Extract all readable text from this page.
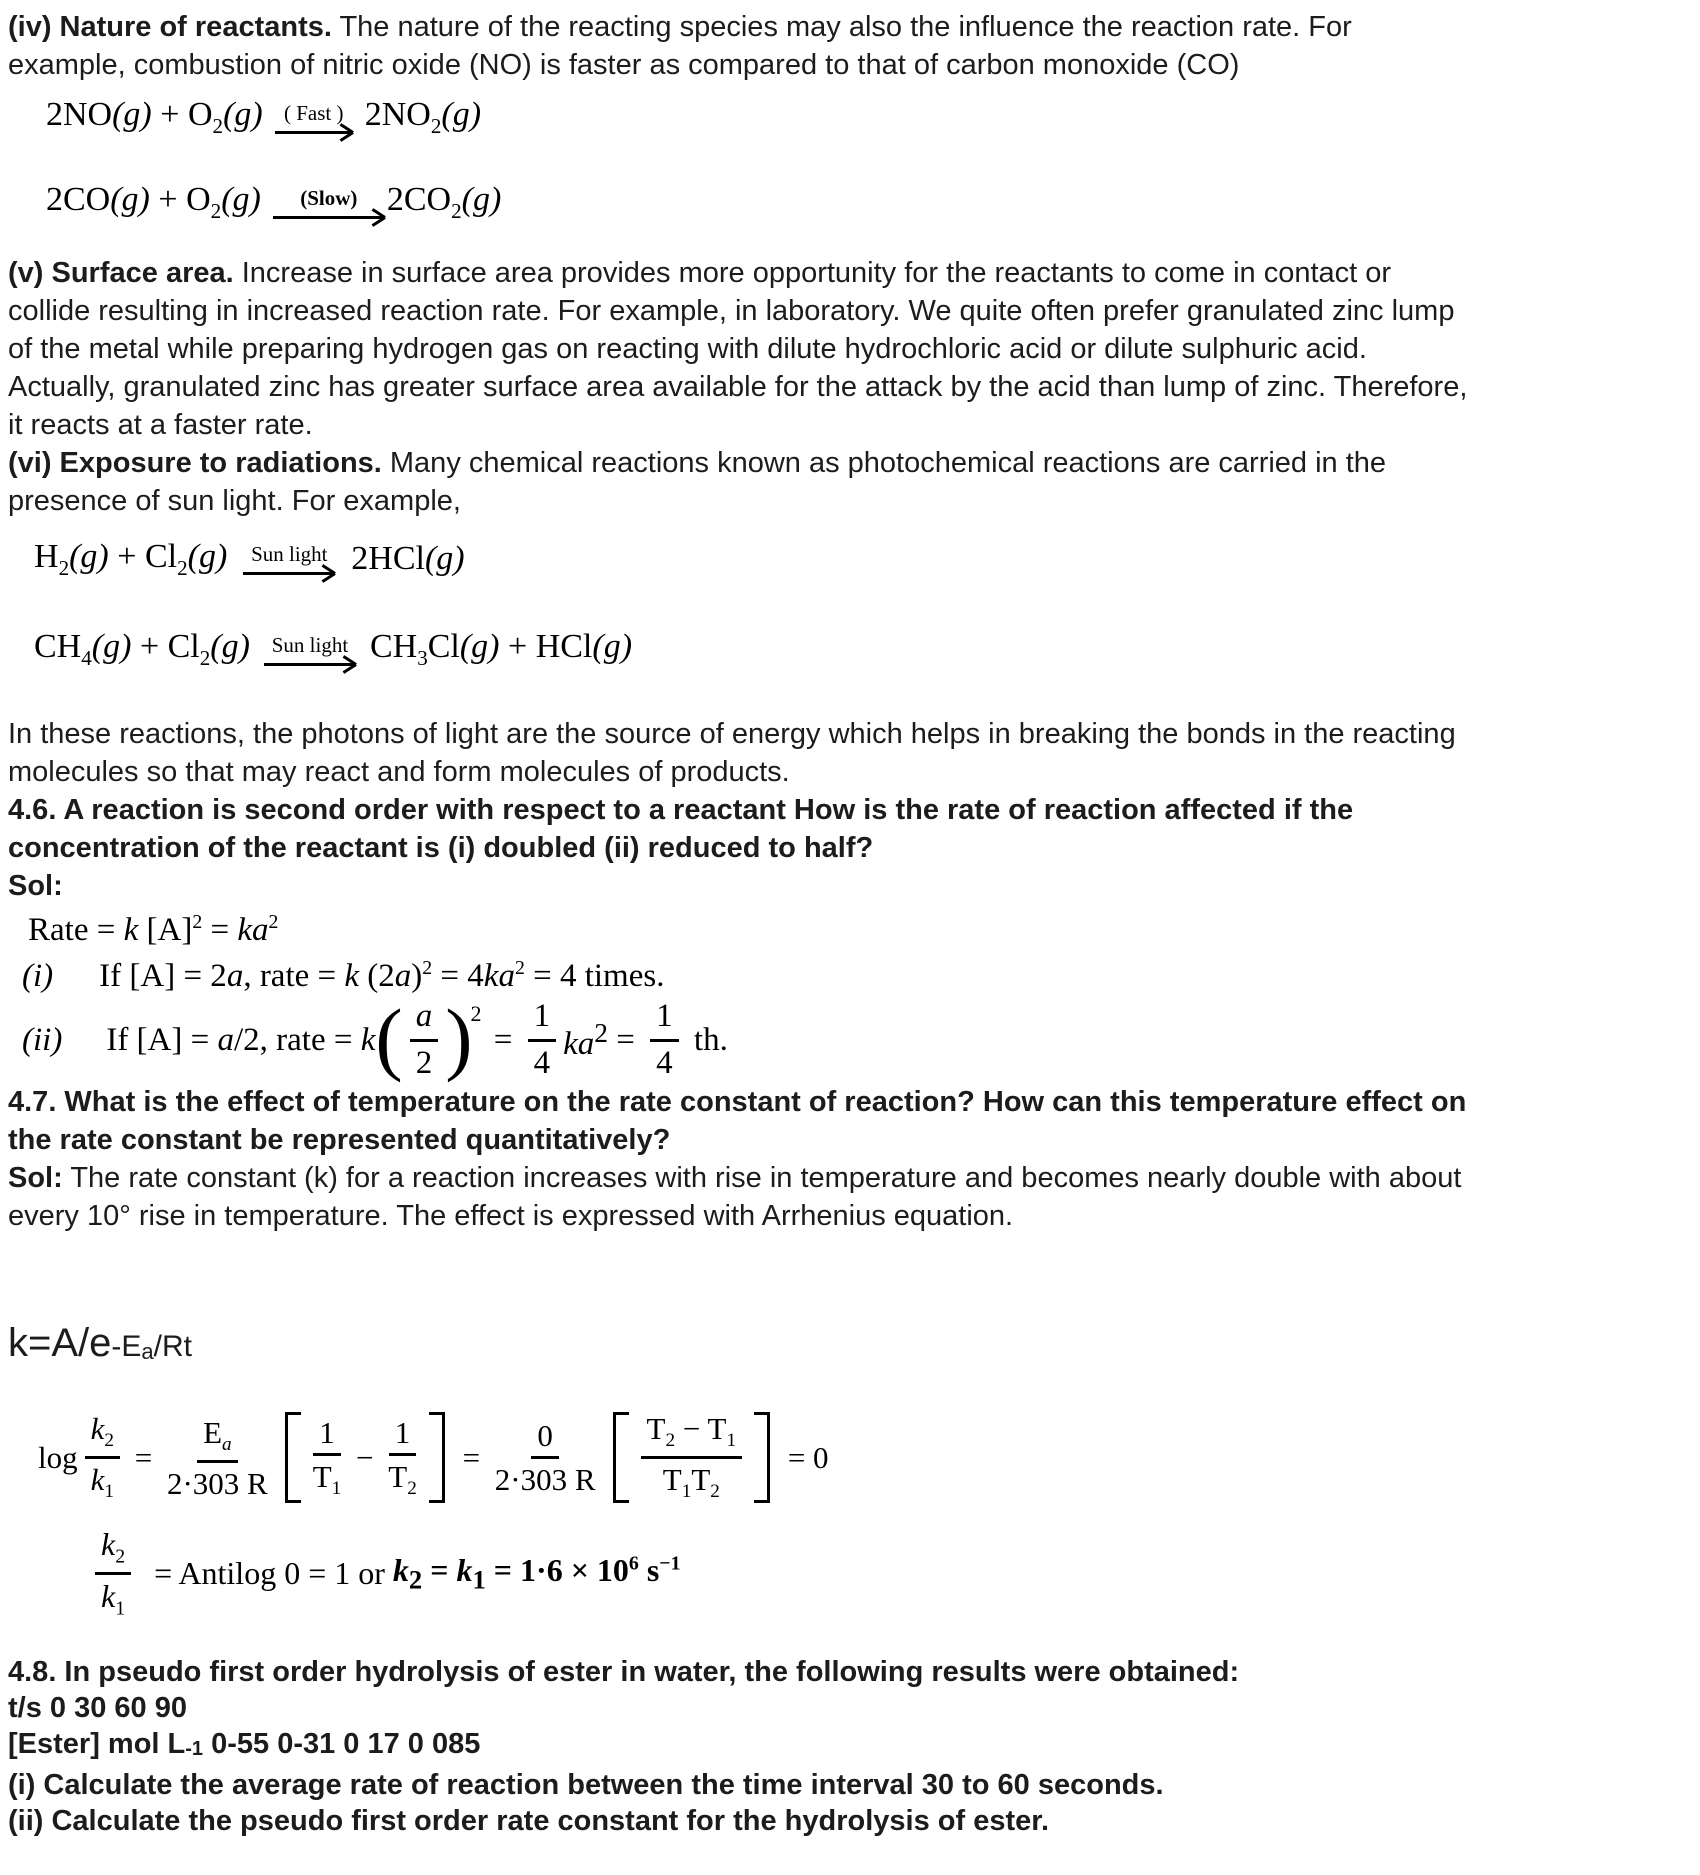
(iv) Nature of reactants. The nature of the reacting species may also the influence the reaction rate. For
example, combustion of nitric oxide (NO) is faster as compared to that of carbon monoxide (CO)
$2NO(g) + O_2(g)$ ( Fast ) $2NO_2(g)$
$2CO(g) + O_2(g)$ (Slow) $2CO_2(g)$
(v) Surface area. Increase in surface area provides more opportunity for the reactants to come in contact or
collide resulting in increased reaction rate. For example, in laboratory. We quite often prefer granulated zinc lump
of the metal while preparing hydrogen gas on reacting with dilute hydrochloric acid or dilute sulphuric acid.
Actually, granulated zinc has greater surface area available for the attack by the acid than lump of zinc. Therefore,
it reacts at a faster rate.
(vi) Exposure to radiations. Many chemical reactions known as photochemical reactions are carried in the
presence of sun light. For example,
$H_2(g) + Cl_2(g)$ Sun light 2HCl(g)
$CH_4(g) + Cl_2(g)$ Sun light $CH_3Cl(g) + HCl(g)$
In these reactions, the photons of light are the source of energy which helps in breaking the bonds in the reacting
molecules so that may react and form molecules of products.
4.6. A reaction is second order with respect to a reactant How is the rate of reaction affected if the
concentration of the reactant is (i) doubled (ii) reduced to half?
Sol:
Rate = k $[A]^2 = ka^2$
(i) If [A] = 2a, rate = k $(2a)^2 = 4ka^2 = 4$ times.
(ii) If [A] = a/2, rate = k ( $\frac{a}{2}$ )
2
= $\frac{1}{4} ka^2 = \frac{1}{4}$ th.
4.7. What is the effect of temperature on the rate constant of reaction? How can this temperature effect on
the rate constant be represented quantitatively?
Sol: The rate constant (k) for a reaction increases with rise in temperature and becomes nearly double with about
every 10° rise in temperature. The effect is expressed with Arrhenius equation.
k=A/e-Ea/Rt
$\log \frac{k_2}{k_1} = \frac{E_a}{2\cdot 303 R} \frac{1}{T_1} - \frac{1}{T_2} = \frac{0}{2\cdot 303 R} \frac{T_2 - T_1}{T_1T_2} = 0$
$\frac{k_2}{k_1}$ = Antilog 0 = 1 or $k_2 = k_1 = 1\cdot 6 \times 10^6$ $s^{-1}$
4.8. In pseudo first order hydrolysis of ester in water, the following results were obtained:
t/s 0 30 60 90
[Ester] mol L-1 0-55 0-31 0 17 0 085
(i) Calculate the average rate of reaction between the time interval 30 to 60 seconds.
(ii) Calculate the pseudo first order rate constant for the hydrolysis of ester.
